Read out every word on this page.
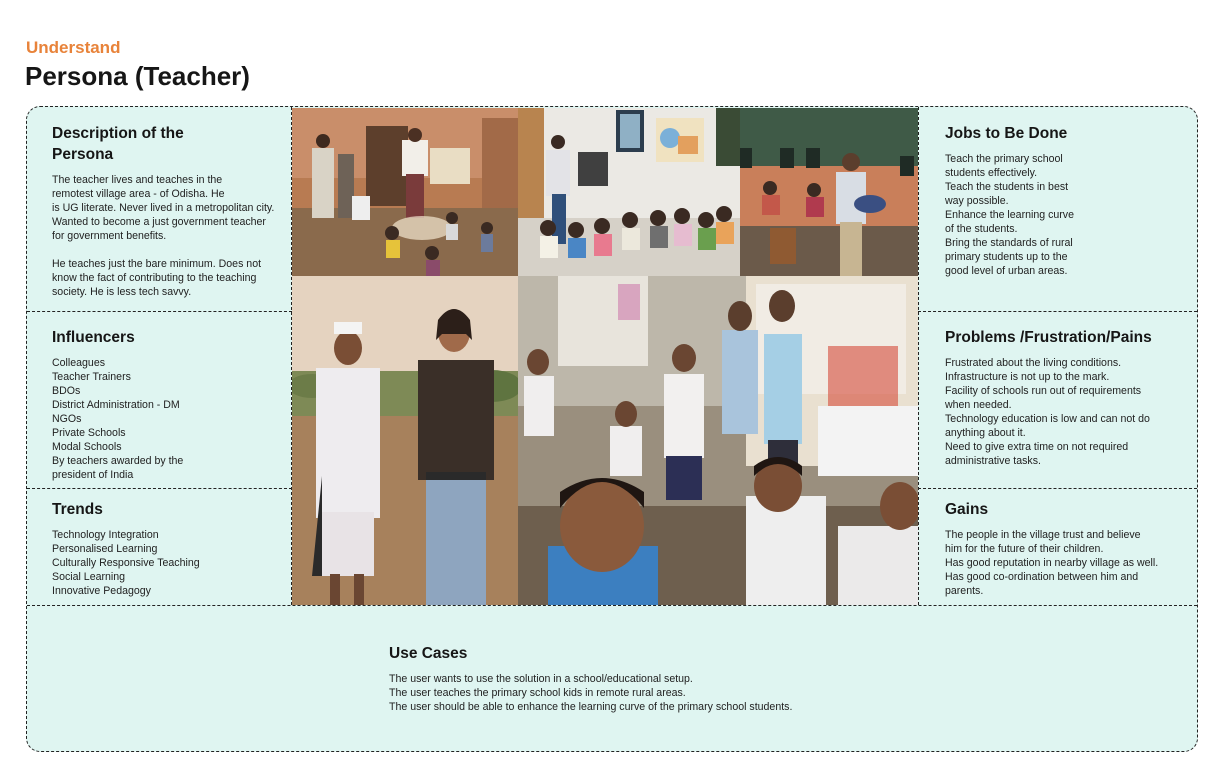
Understand
Persona (Teacher)
Description of the
Persona

The teacher lives and teaches in the

remotest village area - of Odisha. He

is UG literate. Never lived in a metropolitan city.

Wanted to become a just government teacher

for government benefits.

He teaches just the bare minimum. Does not

know the fact of contributing to the teaching

society. He is less tech savvy.

Influencers
Colleagues
Teacher Trainers
BDOs
District Administration - DM
NGOs
Private Schools
Modal Schools
By teachers awarded by the
president of India
Trends
Technology Integration
Personalised Learning
Culturally Responsive Teaching
Social Learning
Innovative Pedagogy
Jobs to Be Done

Teach the primary school

students effectively.

Teach the students in best

way possible.

Enhance the learning curve

of the students.

Bring the standards of rural

primary students up to the

good level of urban areas.

Problems /Frustration/Pains

Frustrated about the living conditions.

Infrastructure is not up to the mark.

Facility of schools run out of requirements

when needed.

Technology education is low and can not do

anything about it.

Need to give extra time on not required

administrative tasks.

Gains

The people in the village trust and believe

him for the future of their children.

Has good reputation in nearby village as well.

Has good co-ordination between him and

parents.

Use Cases

The user wants to use the solution in a school/educational setup.

The user teaches the primary school kids in remote rural areas.

The user should be able to enhance the learning curve of the primary school students.
